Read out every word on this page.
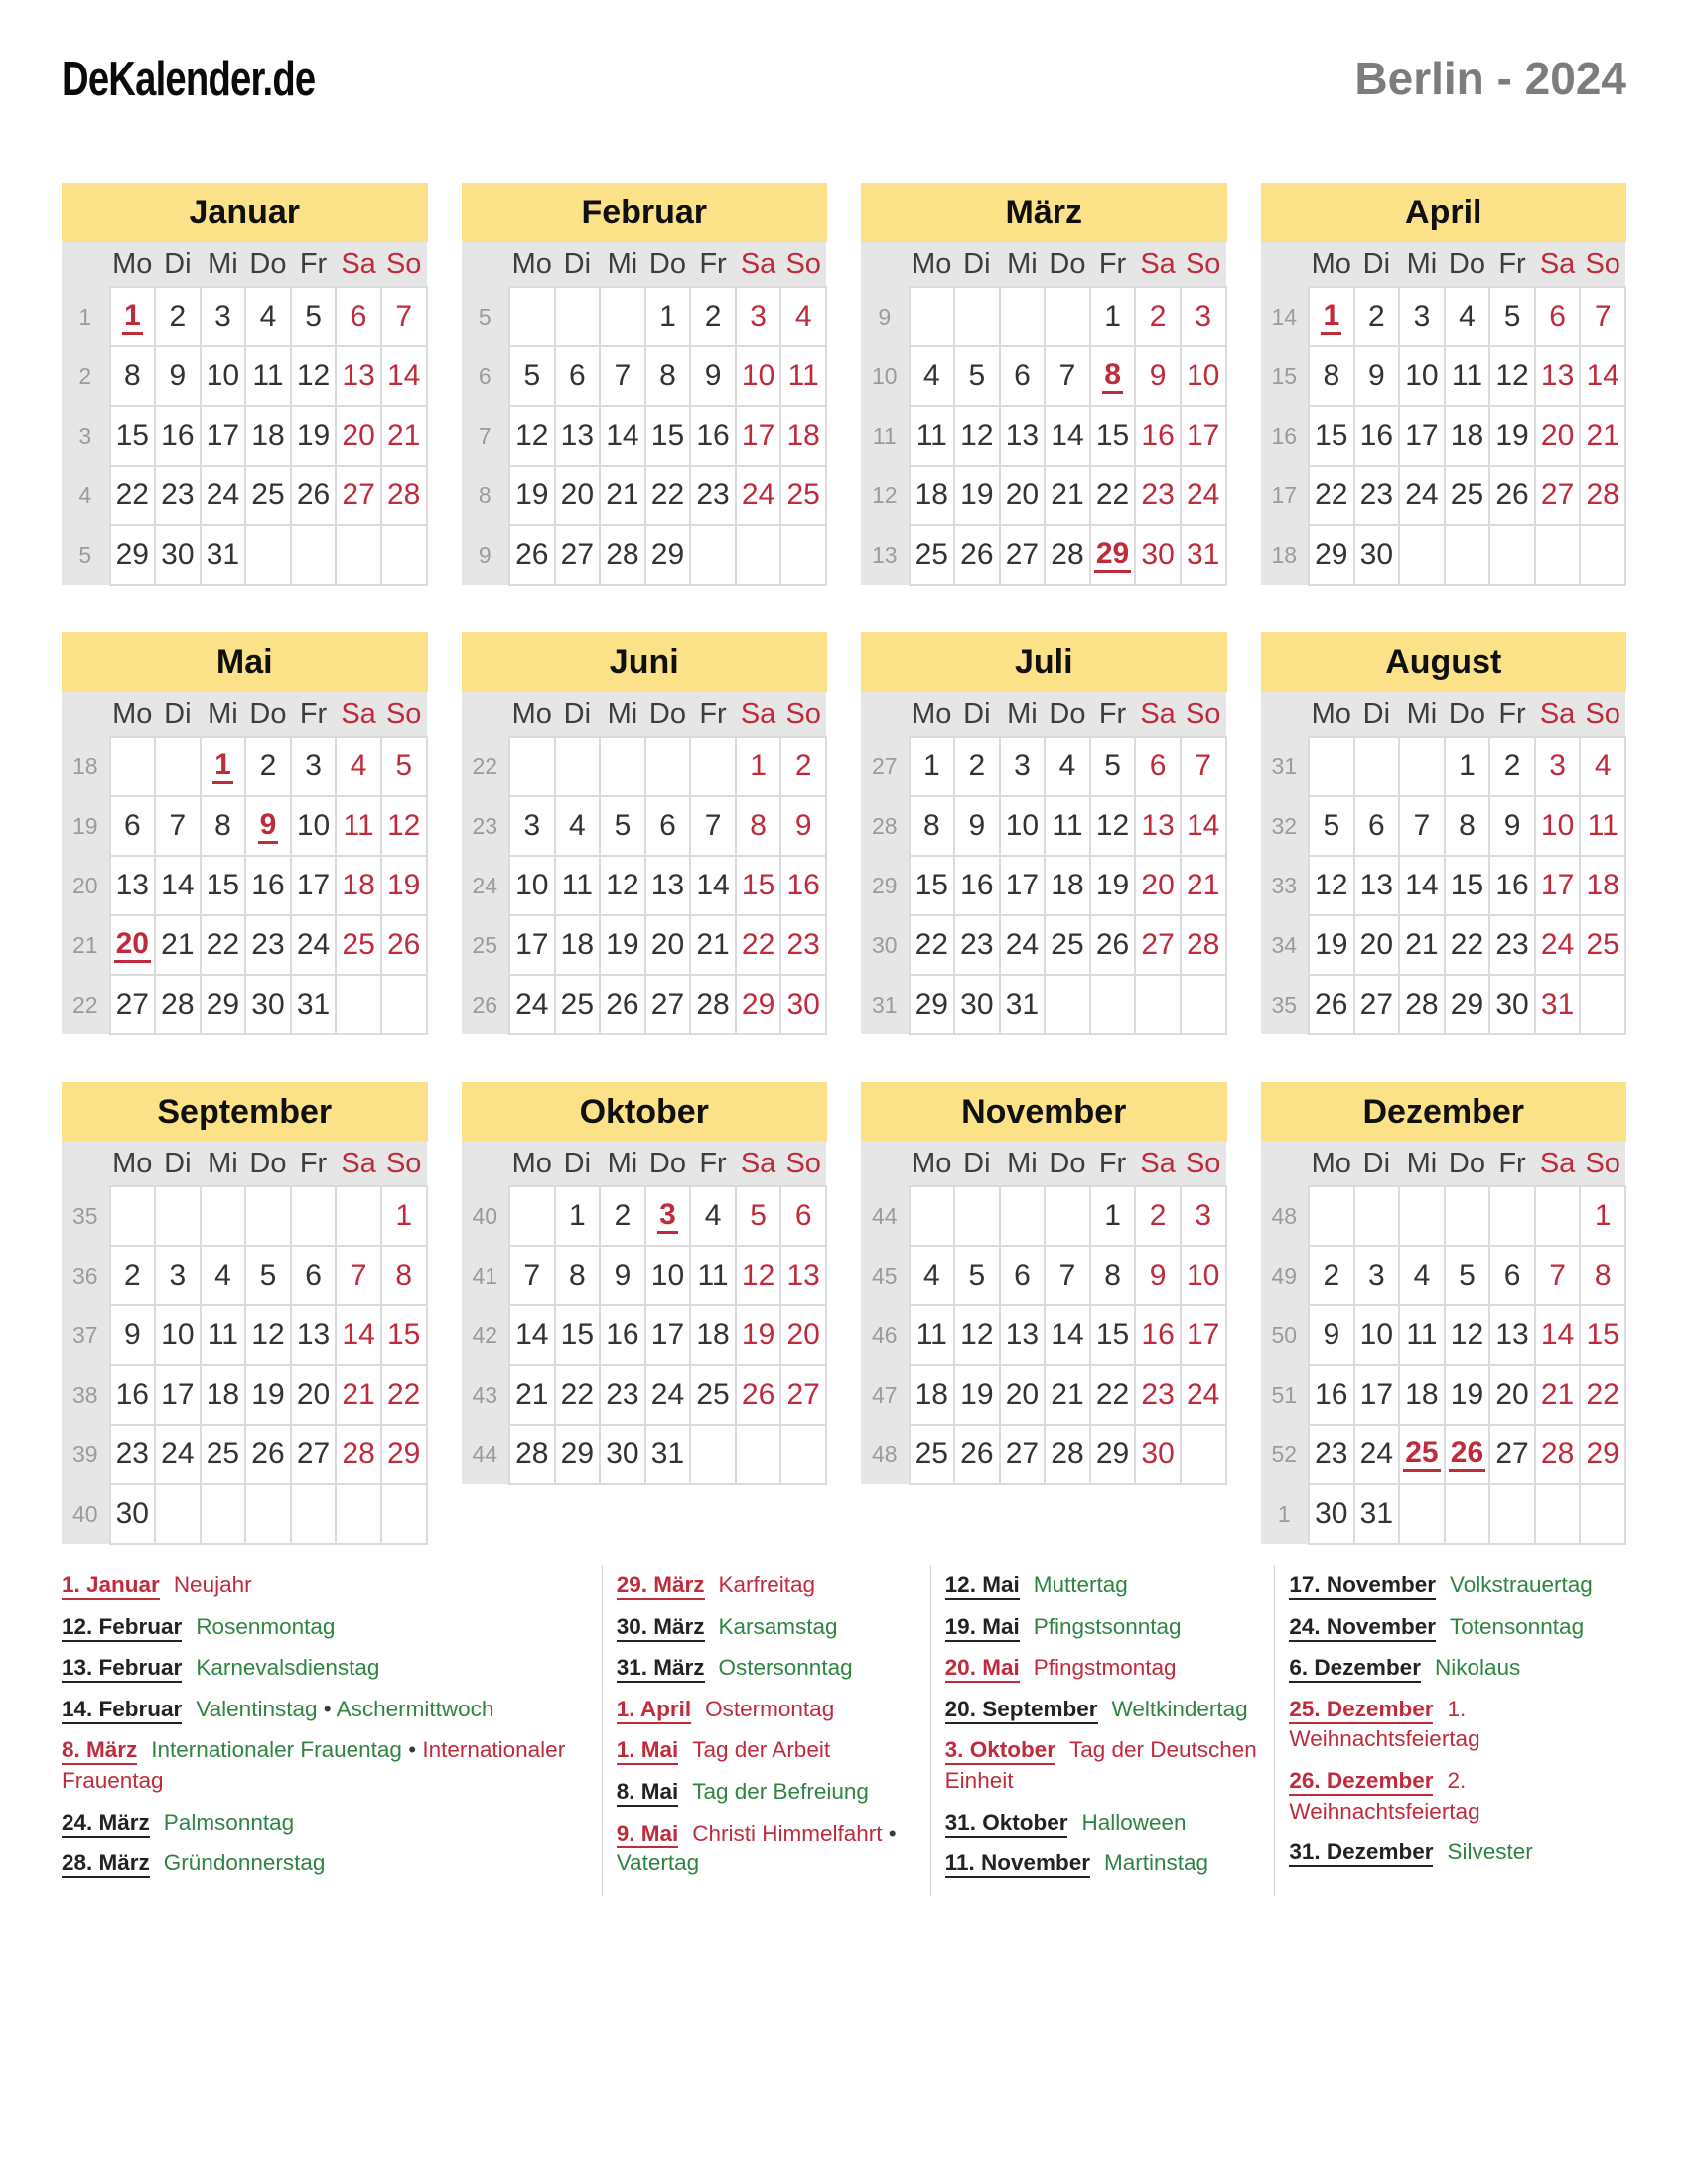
DeKalender.de	Berlin - 2024
Januar
	Mo	Di	Mi	Do	Fr	Sa	So
1	1	2	3	4	5	6	7
2	8	9	10	11	12	13	14
3	15	16	17	18	19	20	21
4	22	23	24	25	26	27	28
5	29	30	31				
Februar
	Mo	Di	Mi	Do	Fr	Sa	So
5				1	2	3	4
6	5	6	7	8	9	10	11
7	12	13	14	15	16	17	18
8	19	20	21	22	23	24	25
9	26	27	28	29			
März
	Mo	Di	Mi	Do	Fr	Sa	So
9					1	2	3
10	4	5	6	7	8	9	10
11	11	12	13	14	15	16	17
12	18	19	20	21	22	23	24
13	25	26	27	28	29	30	31
April
	Mo	Di	Mi	Do	Fr	Sa	So
14	1	2	3	4	5	6	7
15	8	9	10	11	12	13	14
16	15	16	17	18	19	20	21
17	22	23	24	25	26	27	28
18	29	30					
Mai
	Mo	Di	Mi	Do	Fr	Sa	So
18			1	2	3	4	5
19	6	7	8	9	10	11	12
20	13	14	15	16	17	18	19
21	20	21	22	23	24	25	26
22	27	28	29	30	31		
Juni
	Mo	Di	Mi	Do	Fr	Sa	So
22						1	2
23	3	4	5	6	7	8	9
24	10	11	12	13	14	15	16
25	17	18	19	20	21	22	23
26	24	25	26	27	28	29	30
Juli
	Mo	Di	Mi	Do	Fr	Sa	So
27	1	2	3	4	5	6	7
28	8	9	10	11	12	13	14
29	15	16	17	18	19	20	21
30	22	23	24	25	26	27	28
31	29	30	31				
August
	Mo	Di	Mi	Do	Fr	Sa	So
31				1	2	3	4
32	5	6	7	8	9	10	11
33	12	13	14	15	16	17	18
34	19	20	21	22	23	24	25
35	26	27	28	29	30	31	
September
	Mo	Di	Mi	Do	Fr	Sa	So
35							1
36	2	3	4	5	6	7	8
37	9	10	11	12	13	14	15
38	16	17	18	19	20	21	22
39	23	24	25	26	27	28	29
40	30						
Oktober
	Mo	Di	Mi	Do	Fr	Sa	So
40		1	2	3	4	5	6
41	7	8	9	10	11	12	13
42	14	15	16	17	18	19	20
43	21	22	23	24	25	26	27
44	28	29	30	31			
November
	Mo	Di	Mi	Do	Fr	Sa	So
44					1	2	3
45	4	5	6	7	8	9	10
46	11	12	13	14	15	16	17
47	18	19	20	21	22	23	24
48	25	26	27	28	29	30	
Dezember
	Mo	Di	Mi	Do	Fr	Sa	So
48							1
49	2	3	4	5	6	7	8
50	9	10	11	12	13	14	15
51	16	17	18	19	20	21	22
52	23	24	25	26	27	28	29
1	30	31					

1. Januar Neujahr

12. Februar Rosenmontag

13. Februar Karnevalsdienstag

14. Februar Valentinstag • Aschermittwoch

8. März Internationaler Frauentag • Internationaler Frauentag

24. März Palmsonntag

28. März Gründonnerstag

29. März Karfreitag

30. März Karsamstag

31. März Ostersonntag

1. April Ostermontag

1. Mai Tag der Arbeit

8. Mai Tag der Befreiung

9. Mai Christi Himmelfahrt • Vatertag

12. Mai Muttertag

19. Mai Pfingstsonntag

20. Mai Pfingstmontag

20. September Weltkindertag

3. Oktober Tag der Deutschen Einheit

31. Oktober Halloween

11. November Martinstag

17. November Volkstrauertag

24. November Totensonntag

6. Dezember Nikolaus

25. Dezember 1. Weihnachtsfeiertag

26. Dezember 2. Weihnachtsfeiertag

31. Dezember Silvester
